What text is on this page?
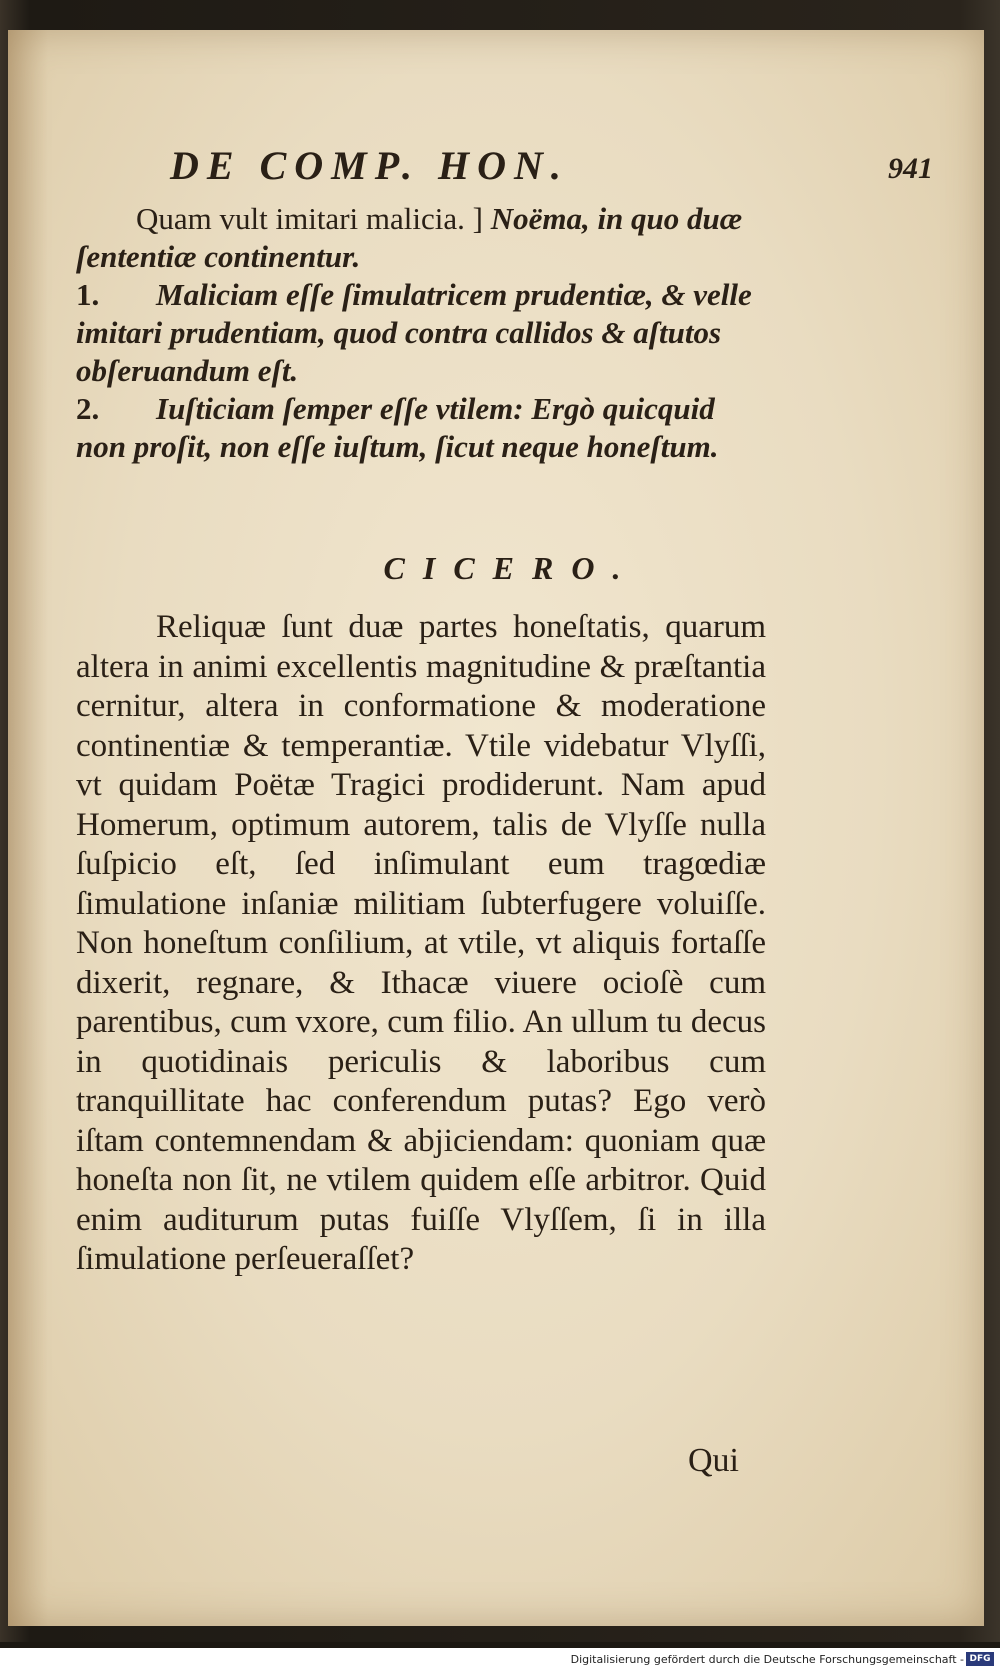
DE COMP. HON.	941

Quam vult imitari malicia. ] Noëma, in quo duæ ſententiæ continentur.

1. Maliciam eſſe ſimulatricem prudentiæ, & velle imitari prudentiam, quod contra callidos & aſtutos obſeruandum eſt.

2. Iuſticiam ſemper eſſe vtilem: Ergò quicquid non proſit, non eſſe iuſtum, ſicut neque honeſtum.

CICERO.

Reliquæ ſunt duæ partes honeſtatis, quarum altera in animi excellentis magnitudine & præſtantia cernitur, altera in conformatione & moderatione continentiæ & temperantiæ. Vtile videbatur Vlyſſi, vt quidam Poëtæ Tragici prodiderunt. Nam apud Homerum, optimum autorem, talis de Vlyſſe nulla ſuſpicio eſt, ſed inſimulant eum tragœdiæ ſimulatione inſaniæ militiam ſubterfugere voluiſſe. Non honeſtum conſilium, at vtile, vt aliquis fortaſſe dixerit, regnare, & Ithacæ viuere ocioſè cum parentibus, cum vxore, cum filio. An ullum tu decus in quotidinais periculis & laboribus cum tranquillitate hac conferendum putas? Ego verò iſtam contemnendam & abjiciendam: quoniam quæ honeſta non ſit, ne vtilem quidem eſſe arbitror. Quid enim auditurum putas fuiſſe Vlyſſem, ſi in illa ſimulatione perſeueraſſet?

Qui
Digitalisierung gefördert durch die Deutsche Forschungsgemeinschaft - DFG
